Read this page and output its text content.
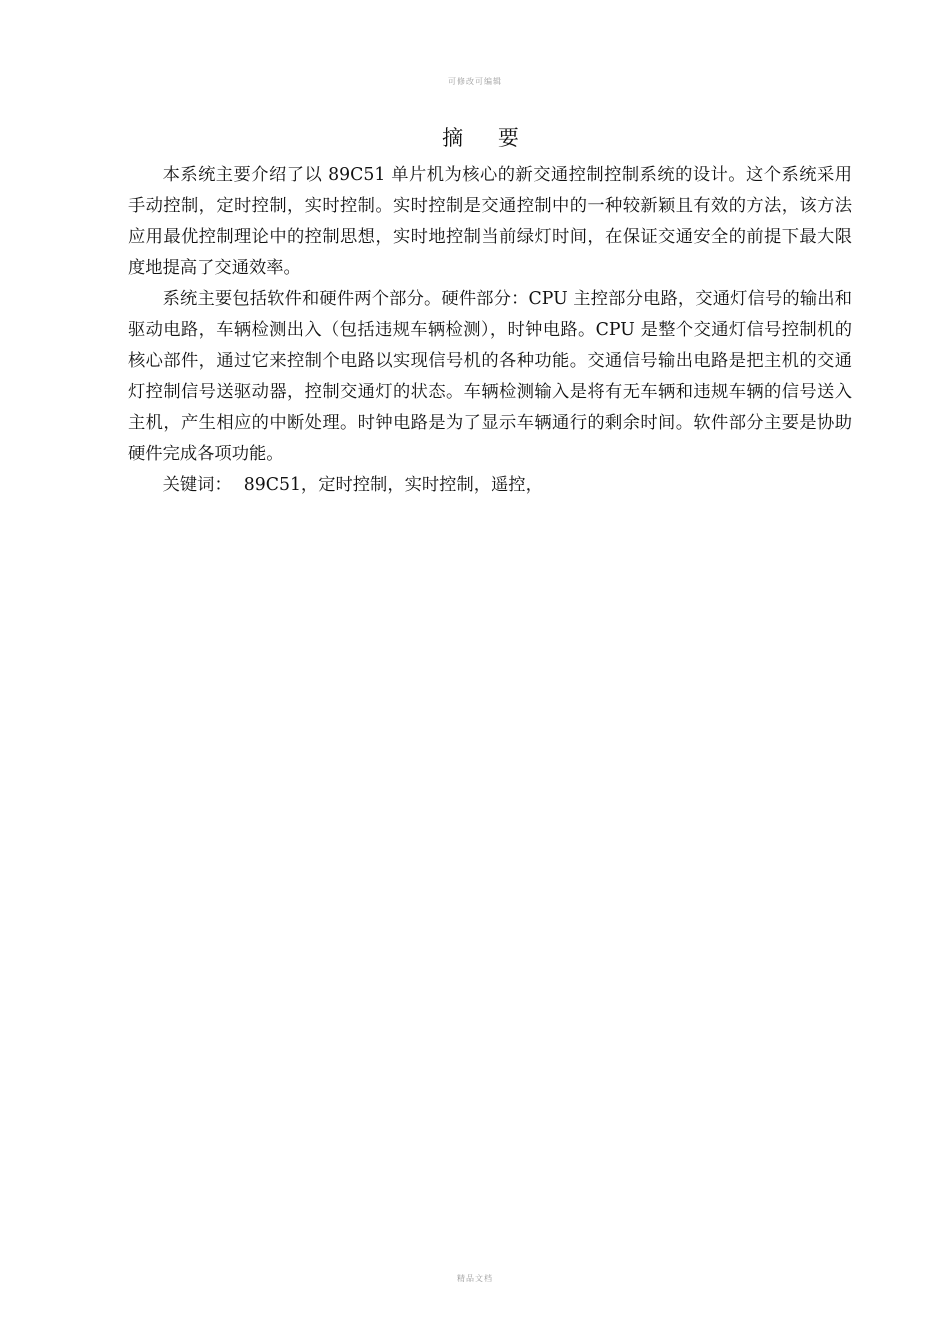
可修改可编辑
摘 要

本系统主要介绍了以 89C51 单片机为核心的新交通控制控制系统的设计。这个系统采用手动控制，定时控制，实时控制。实时控制是交通控制中的一种较新颖且有效的方法，该方法应用最优控制理论中的控制思想，实时地控制当前绿灯时间，在保证交通安全的前提下最大限度地提高了交通效率。

系统主要包括软件和硬件两个部分。硬件部分：CPU 主控部分电路，交通灯信号的输出和驱动电路，车辆检测出入（包括违规车辆检测），时钟电路。CPU 是整个交通灯信号控制机的核心部件，通过它来控制个电路以实现信号机的各种功能。交通信号输出电路是把主机的交通灯控制信号送驱动器，控制交通灯的状态。车辆检测输入是将有无车辆和违规车辆的信号送入主机，产生相应的中断处理。时钟电路是为了显示车辆通行的剩余时间。软件部分主要是协助硬件完成各项功能。

关键词： 89C51，定时控制，实时控制，遥控，

精品文档
